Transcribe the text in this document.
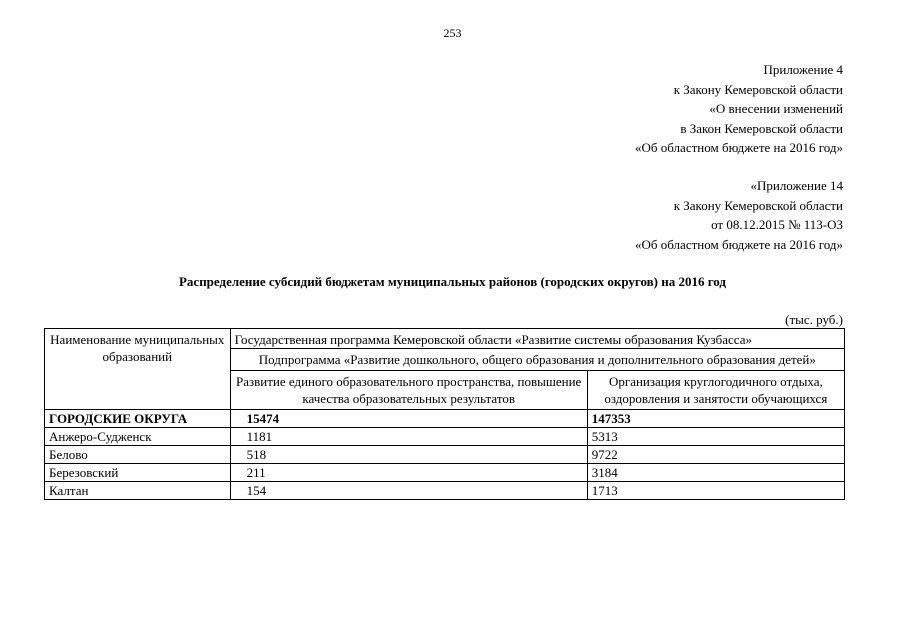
253
Приложение 4
к Закону Кемеровской области
«О внесении изменений
в Закон Кемеровской области
«Об областном бюджете на 2016 год»
«Приложение 14
к Закону Кемеровской области
от 08.12.2015 № 113-ОЗ
«Об областном бюджете на 2016 год»
Распределение субсидий бюджетам муниципальных районов (городских округов) на 2016 год
(тыс. руб.)
Наименование муниципальных образований	Государственная программа Кемеровской области «Развитие системы образования Кузбасса»	
	Подпрограмма «Развитие дошкольного, общего образования и дополнительного образования детей»	
	Развитие единого образовательного пространства, повышение качества образовательных результатов	Организация круглогодичного отдыха, оздоровления и занятости обучающихся
ГОРОДСКИЕ ОКРУГА	15474	147353
Анжеро-Судженск	1181	5313
Белово	518	9722
Березовский	211	3184
Калтан	154	1713
